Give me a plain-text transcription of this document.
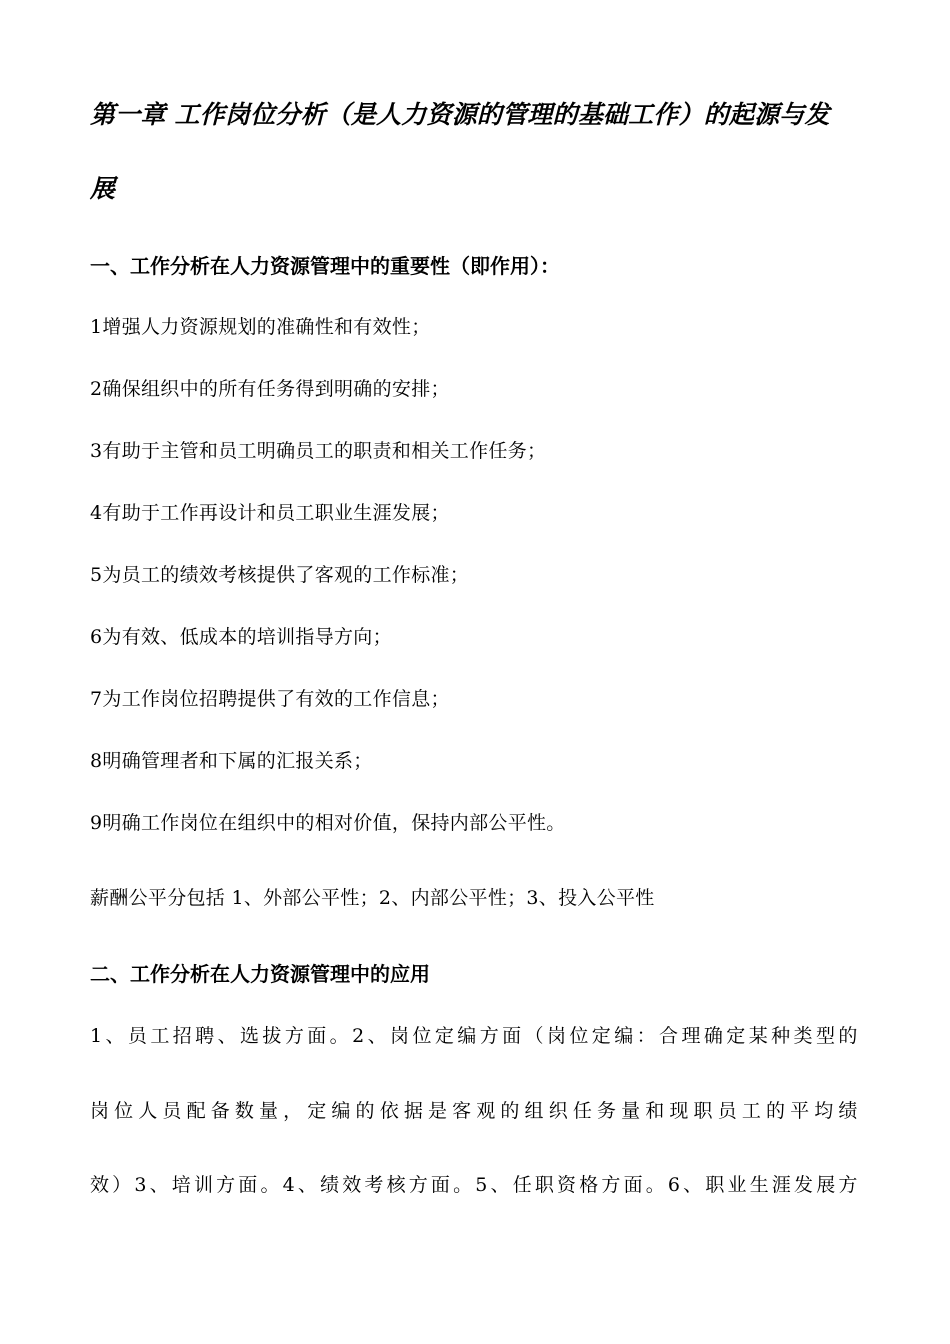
第一章 工作岗位分析（是人力资源的管理的基础工作）的起源与发
展
一、工作分析在人力资源管理中的重要性（即作用）：
1增强人力资源规划的准确性和有效性；
2确保组织中的所有任务得到明确的安排；
3有助于主管和员工明确员工的职责和相关工作任务；
4有助于工作再设计和员工职业生涯发展；
5为员工的绩效考核提供了客观的工作标准；
6为有效、低成本的培训指导方向；
7为工作岗位招聘提供了有效的工作信息；
8明确管理者和下属的汇报关系；
9明确工作岗位在组织中的相对价值，保持内部公平性。
薪酬公平分包括 1、外部公平性；2、内部公平性；3、投入公平性
二、工作分析在人力资源管理中的应用
1、员工招聘、选拔方面。2、岗位定编方面（岗位定编：合理确定某种类型的
岗位人员配备数量，定编的依据是客观的组织任务量和现职员工的平均绩
效）3、培训方面。4、绩效考核方面。5、任职资格方面。6、职业生涯发展方
